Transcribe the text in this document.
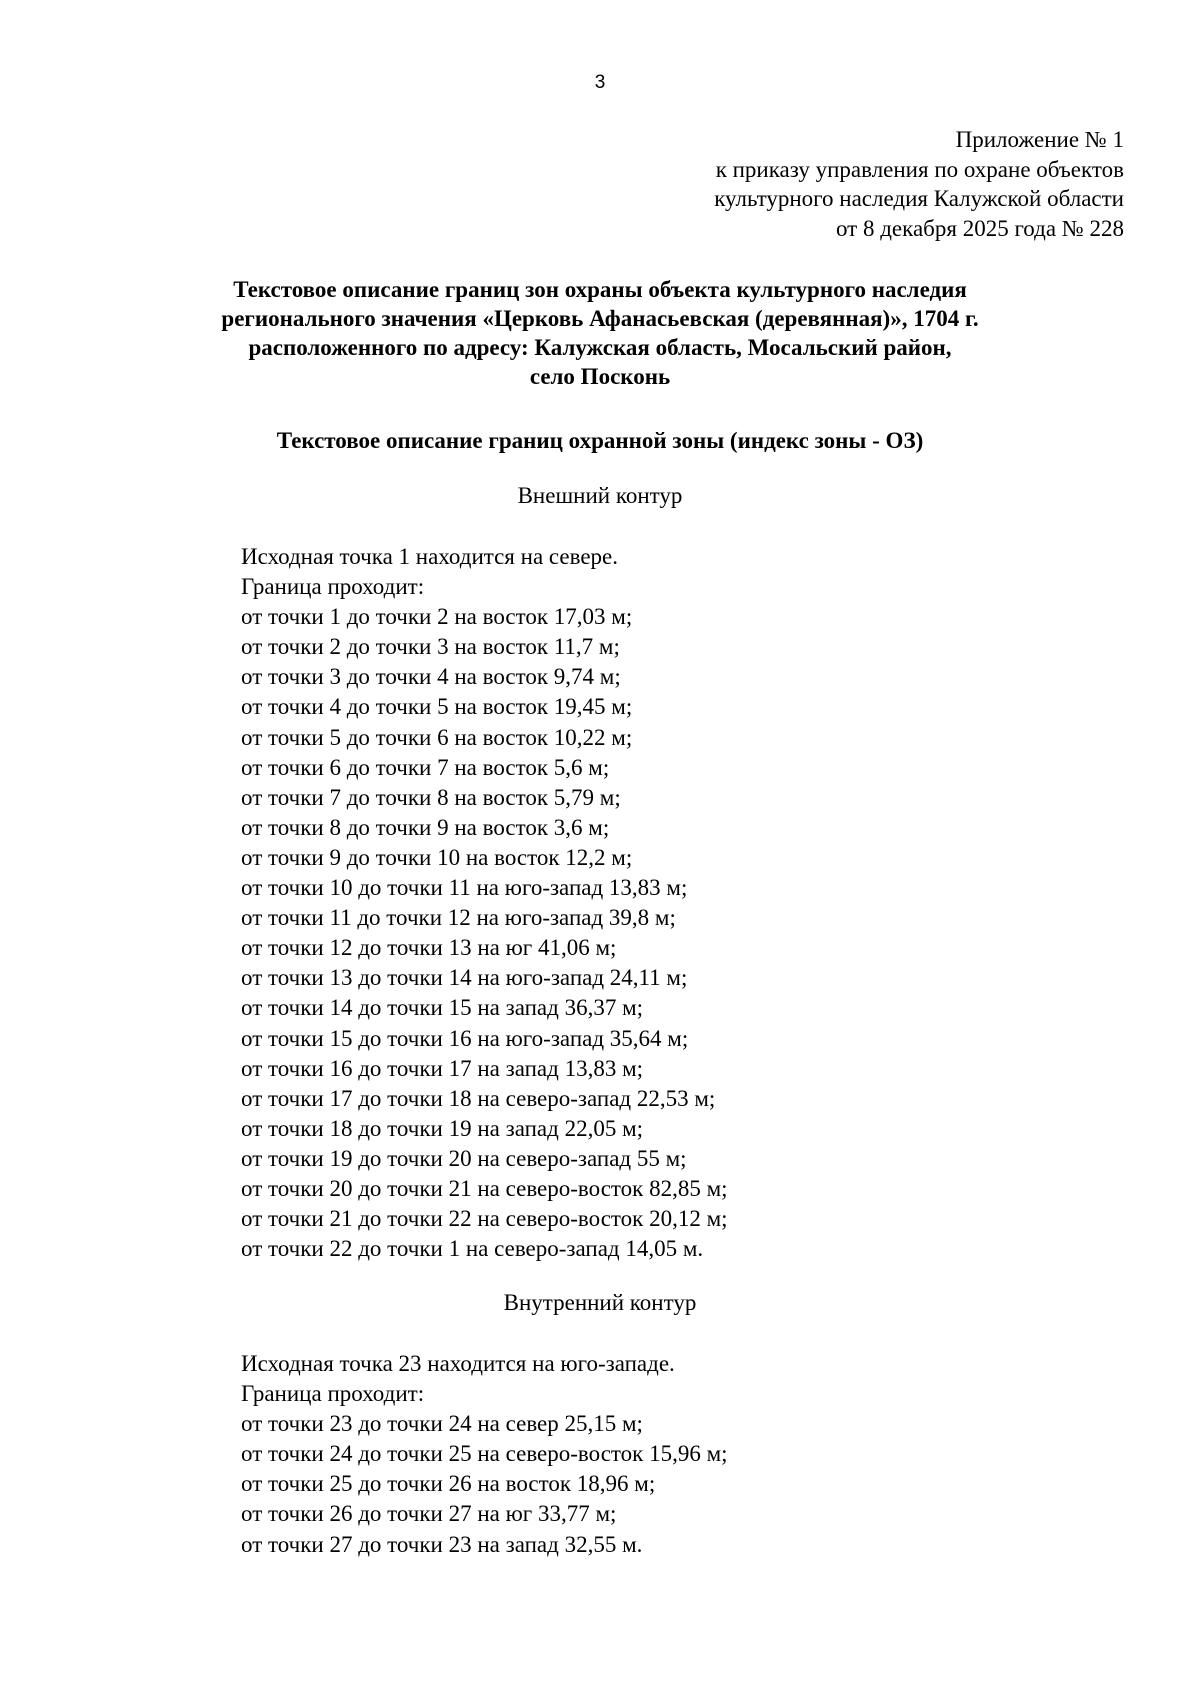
3
Приложение № 1
к приказу управления по охране объектов
культурного наследия Калужской области
от 8 декабря 2025 года № 228
Текстовое описание границ зон охраны объекта культурного наследия
регионального значения «Церковь Афанасьевская (деревянная)», 1704 г.
расположенного по адресу: Калужская область, Мосальский район,
село Посконь
Текстовое описание границ охранной зоны (индекс зоны - ОЗ)
Внешний контур
Исходная точка 1 находится на севере.
Граница проходит:
от точки 1 до точки 2 на восток 17,03 м;
от точки 2 до точки 3 на восток 11,7 м;
от точки 3 до точки 4 на восток 9,74 м;
от точки 4 до точки 5 на восток 19,45 м;
от точки 5 до точки 6 на восток 10,22 м;
от точки 6 до точки 7 на восток 5,6 м;
от точки 7 до точки 8 на восток 5,79 м;
от точки 8 до точки 9 на восток 3,6 м;
от точки 9 до точки 10 на восток 12,2 м;
от точки 10 до точки 11 на юго-запад 13,83 м;
от точки 11 до точки 12 на юго-запад 39,8 м;
от точки 12 до точки 13 на юг 41,06 м;
от точки 13 до точки 14 на юго-запад 24,11 м;
от точки 14 до точки 15 на запад 36,37 м;
от точки 15 до точки 16 на юго-запад 35,64 м;
от точки 16 до точки 17 на запад 13,83 м;
от точки 17 до точки 18 на северо-запад 22,53 м;
от точки 18 до точки 19 на запад 22,05 м;
от точки 19 до точки 20 на северо-запад 55 м;
от точки 20 до точки 21 на северо-восток 82,85 м;
от точки 21 до точки 22 на северо-восток 20,12 м;
от точки 22 до точки 1 на северо-запад 14,05 м.
Внутренний контур
Исходная точка 23 находится на юго-западе.
Граница проходит:
от точки 23 до точки 24 на север 25,15 м;
от точки 24 до точки 25 на северо-восток 15,96 м;
от точки 25 до точки 26 на восток 18,96 м;
от точки 26 до точки 27 на юг 33,77 м;
от точки 27 до точки 23 на запад 32,55 м.
